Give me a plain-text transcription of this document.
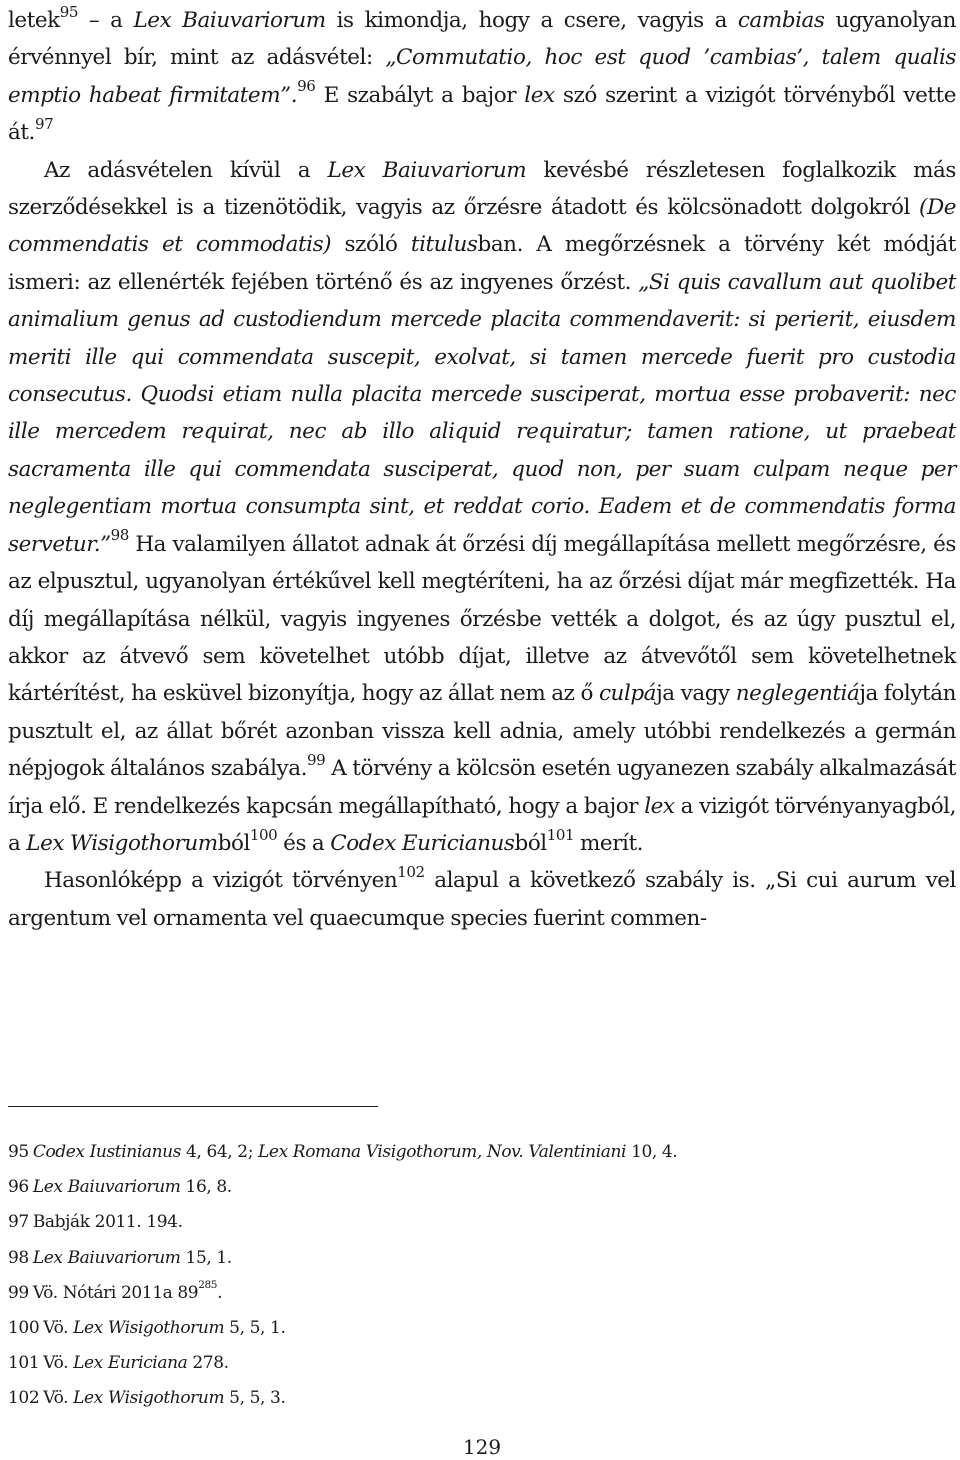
letek$^{95}$ – a Lex Baiuvariorum is kimondja, hogy a csere, vagyis a cambias ugyanolyan érvénnyel bír, mint az adásvétel: „Commutatio, hoc est quod ’cambias’, talem qualis emptio habeat firmitatem”.$^{96}$ E szabályt a bajor lex szó szerint a vizigót törvényből vette át.$^{97}$

Az adásvételen kívül a Lex Baiuvariorum kevésbé részletesen foglalkozik más szerződésekkel is a tizenötödik, vagyis az őrzésre átadott és kölcsönadott dolgokról (De commendatis et commodatis) szóló titulusban. A megőrzésnek a törvény két módját ismeri: az ellenérték fejében történő és az ingyenes őrzést. „Si quis cavallum aut quolibet animalium genus ad custodiendum mercede placita commendaverit: si perierit, eiusdem meriti ille qui commendata suscepit, exolvat, si tamen mercede fuerit pro custodia consecutus. Quodsi etiam nulla placita mercede susciperat, mortua esse probaverit: nec ille mercedem requirat, nec ab illo aliquid requiratur; tamen ratione, ut praebeat sacramenta ille qui commendata susciperat, quod non, per suam culpam neque per neglegentiam mortua consumpta sint, et reddat corio. Eadem et de commendatis forma servetur.”$^{98}$ Ha valamilyen állatot adnak át őrzési díj megállapítása mellett megőrzésre, és az elpusztul, ugyanolyan értékűvel kell megtéríteni, ha az őrzési díjat már megfizették. Ha díj megállapítása nélkül, vagyis ingyenes őrzésbe vették a dolgot, és az úgy pusztul el, akkor az átvevő sem követelhet utóbb díjat, illetve az átvevőtől sem követelhetnek kártérítést, ha esküvel bizonyítja, hogy az állat nem az ő culpája vagy neglegentiája folytán pusztult el, az állat bőrét azonban vissza kell adnia, amely utóbbi rendelkezés a germán népjogok általános szabálya.$^{99}$ A törvény a kölcsön esetén ugyanezen szabály alkalmazását írja elő. E rendelkezés kapcsán megállapítható, hogy a bajor lex a vizigót törvényanyagból, a Lex Wisigothorumból$^{100}$ és a Codex Euricianusból$^{101}$ merít.

Hasonlóképp a vizigót törvényen$^{102}$ alapul a következő szabály is. „Si cui aurum vel argentum vel ornamenta vel quaecumque species fuerint commen-

95 Codex Iustinianus 4, 64, 2; Lex Romana Visigothorum, Nov. Valentiniani 10, 4.

96 Lex Baiuvariorum 16, 8.

97 Babják 2011. 194.

98 Lex Baiuvariorum 15, 1.

99 Vö. Nótári 2011a $89^{285}$.

100 Vö. Lex Wisigothorum 5, 5, 1.

101 Vö. Lex Euriciana 278.

102 Vö. Lex Wisigothorum 5, 5, 3.

129
